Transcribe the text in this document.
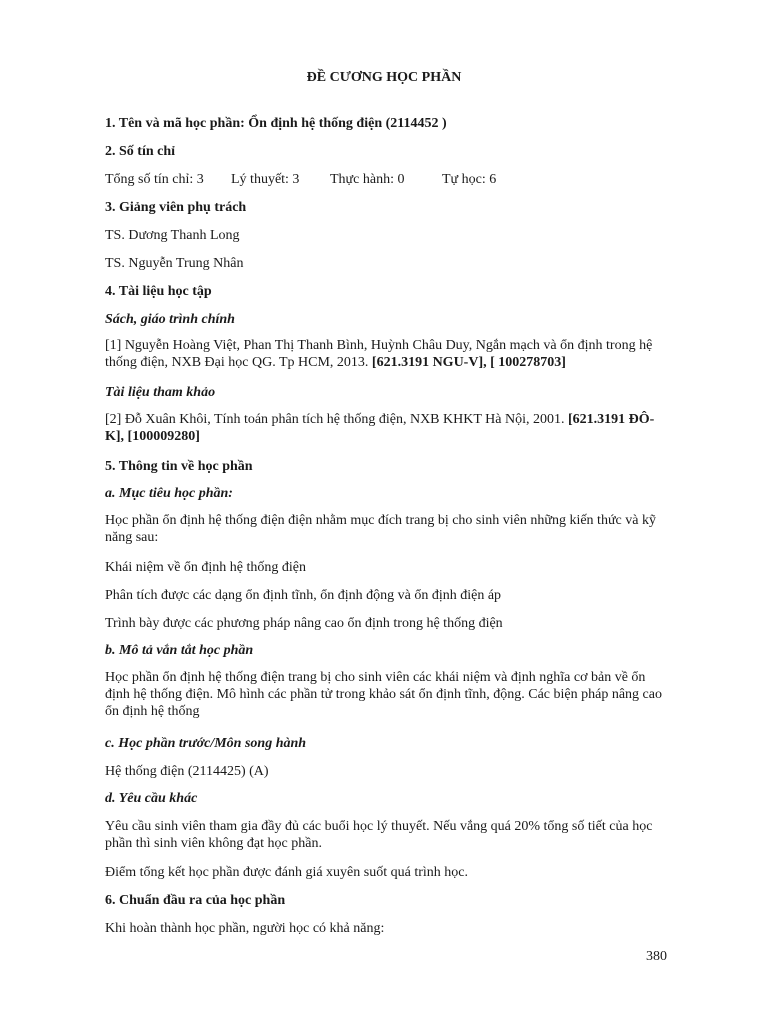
ĐỀ CƯƠNG HỌC PHẦN

1. Tên và mã học phần: Ổn định hệ thống điện (2114452 )

2. Số tín chỉ

Tổng số tín chỉ: 3 Lý thuyết: 3 Thực hành: 0	Tự học: 6

3. Giảng viên phụ trách

TS. Dương Thanh Long

TS. Nguyễn Trung Nhân

4. Tài liệu học tập

Sách, giáo trình chính

[1] Nguyễn Hoàng Việt, Phan Thị Thanh Bình, Huỳnh Châu Duy, Ngắn mạch và ổn định trong hệ thống điện, NXB Đại học QG. Tp HCM, 2013. [621.3191 NGU-V], [ 100278703]

Tài liệu tham khảo

[2] Đỗ Xuân Khôi, Tính toán phân tích hệ thống điện, NXB KHKT Hà Nội, 2001. [621.3191 ĐÔ-K], [100009280]

5. Thông tin về học phần

a. Mục tiêu học phần:

Học phần ổn định hệ thống điện điện nhằm mục đích trang bị cho sinh viên những kiến thức và kỹ năng sau:

Khái niệm về ổn định hệ thống điện

Phân tích được các dạng ổn định tĩnh, ổn định động và ổn định điện áp

Trình bày được các phương pháp nâng cao ổn định trong hệ thống điện

b. Mô tả vắn tắt học phần

Học phần ổn định hệ thống điện trang bị cho sinh viên các khái niệm và định nghĩa cơ bản về ổn định hệ thống điện. Mô hình các phần tử trong khảo sát ổn định tĩnh, động. Các biện pháp nâng cao ổn định hệ thống

c. Học phần trước/Môn song hành

Hệ thống điện (2114425) (A)

d. Yêu cầu khác

Yêu cầu sinh viên tham gia đầy đủ các buổi học lý thuyết. Nếu vắng quá 20% tổng số tiết của học phần thì sinh viên không đạt học phần.

Điểm tổng kết học phần được đánh giá xuyên suốt quá trình học.

6. Chuẩn đầu ra của học phần

Khi hoàn thành học phần, người học có khả năng:

380
